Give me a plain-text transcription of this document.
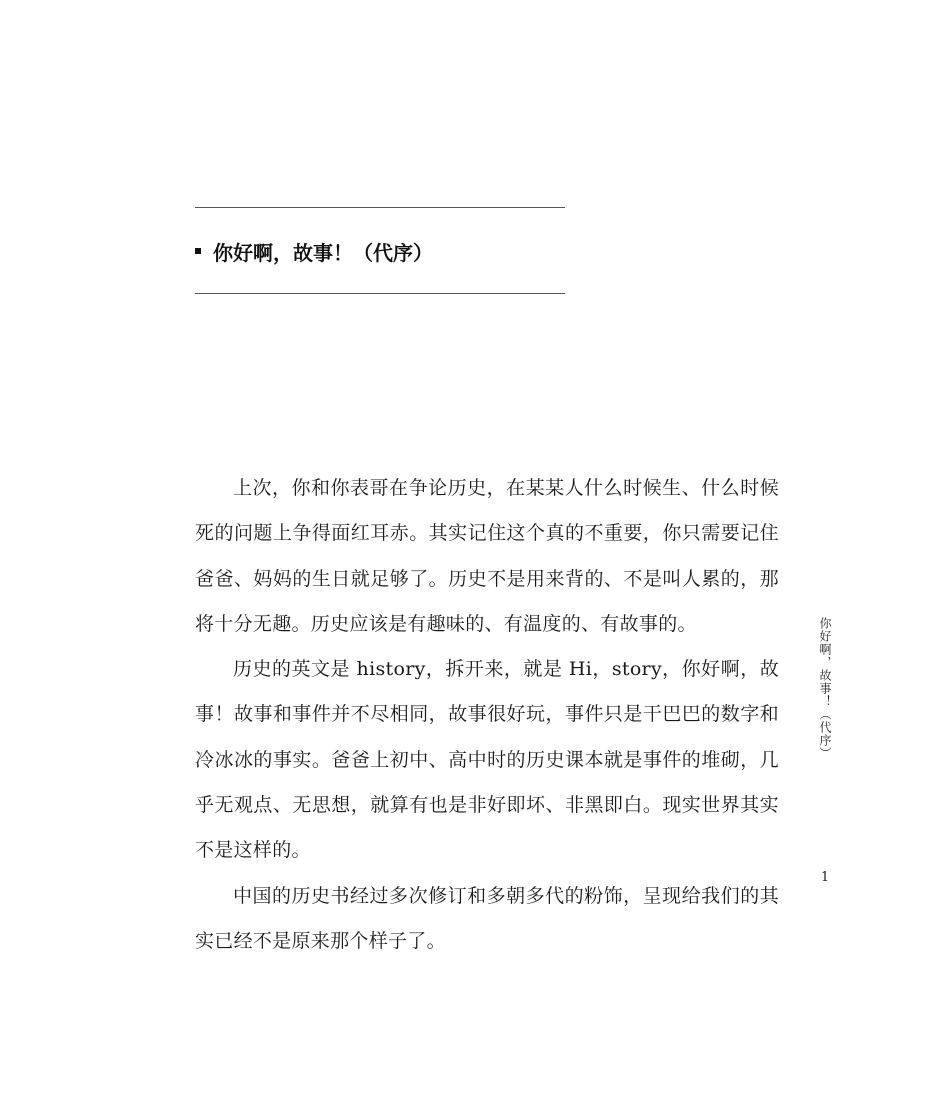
你好啊，故事！（代序）

上次，你和你表哥在争论历史，在某某人什么时候生、什么时候死的问题上争得面红耳赤。其实记住这个真的不重要，你只需要记住爸爸、妈妈的生日就足够了。历史不是用来背的、不是叫人累的，那将十分无趣。历史应该是有趣味的、有温度的、有故事的。

历史的英文是 history，拆开来，就是 Hi，story，你好啊，故事！故事和事件并不尽相同，故事很好玩，事件只是干巴巴的数字和冷冰冰的事实。爸爸上初中、高中时的历史课本就是事件的堆砌，几乎无观点、无思想，就算有也是非好即坏、非黑即白。现实世界其实不是这样的。

中国的历史书经过多次修订和多朝多代的粉饰，呈现给我们的其实已经不是原来那个样子了。

你好啊，故事！（代序）
1
